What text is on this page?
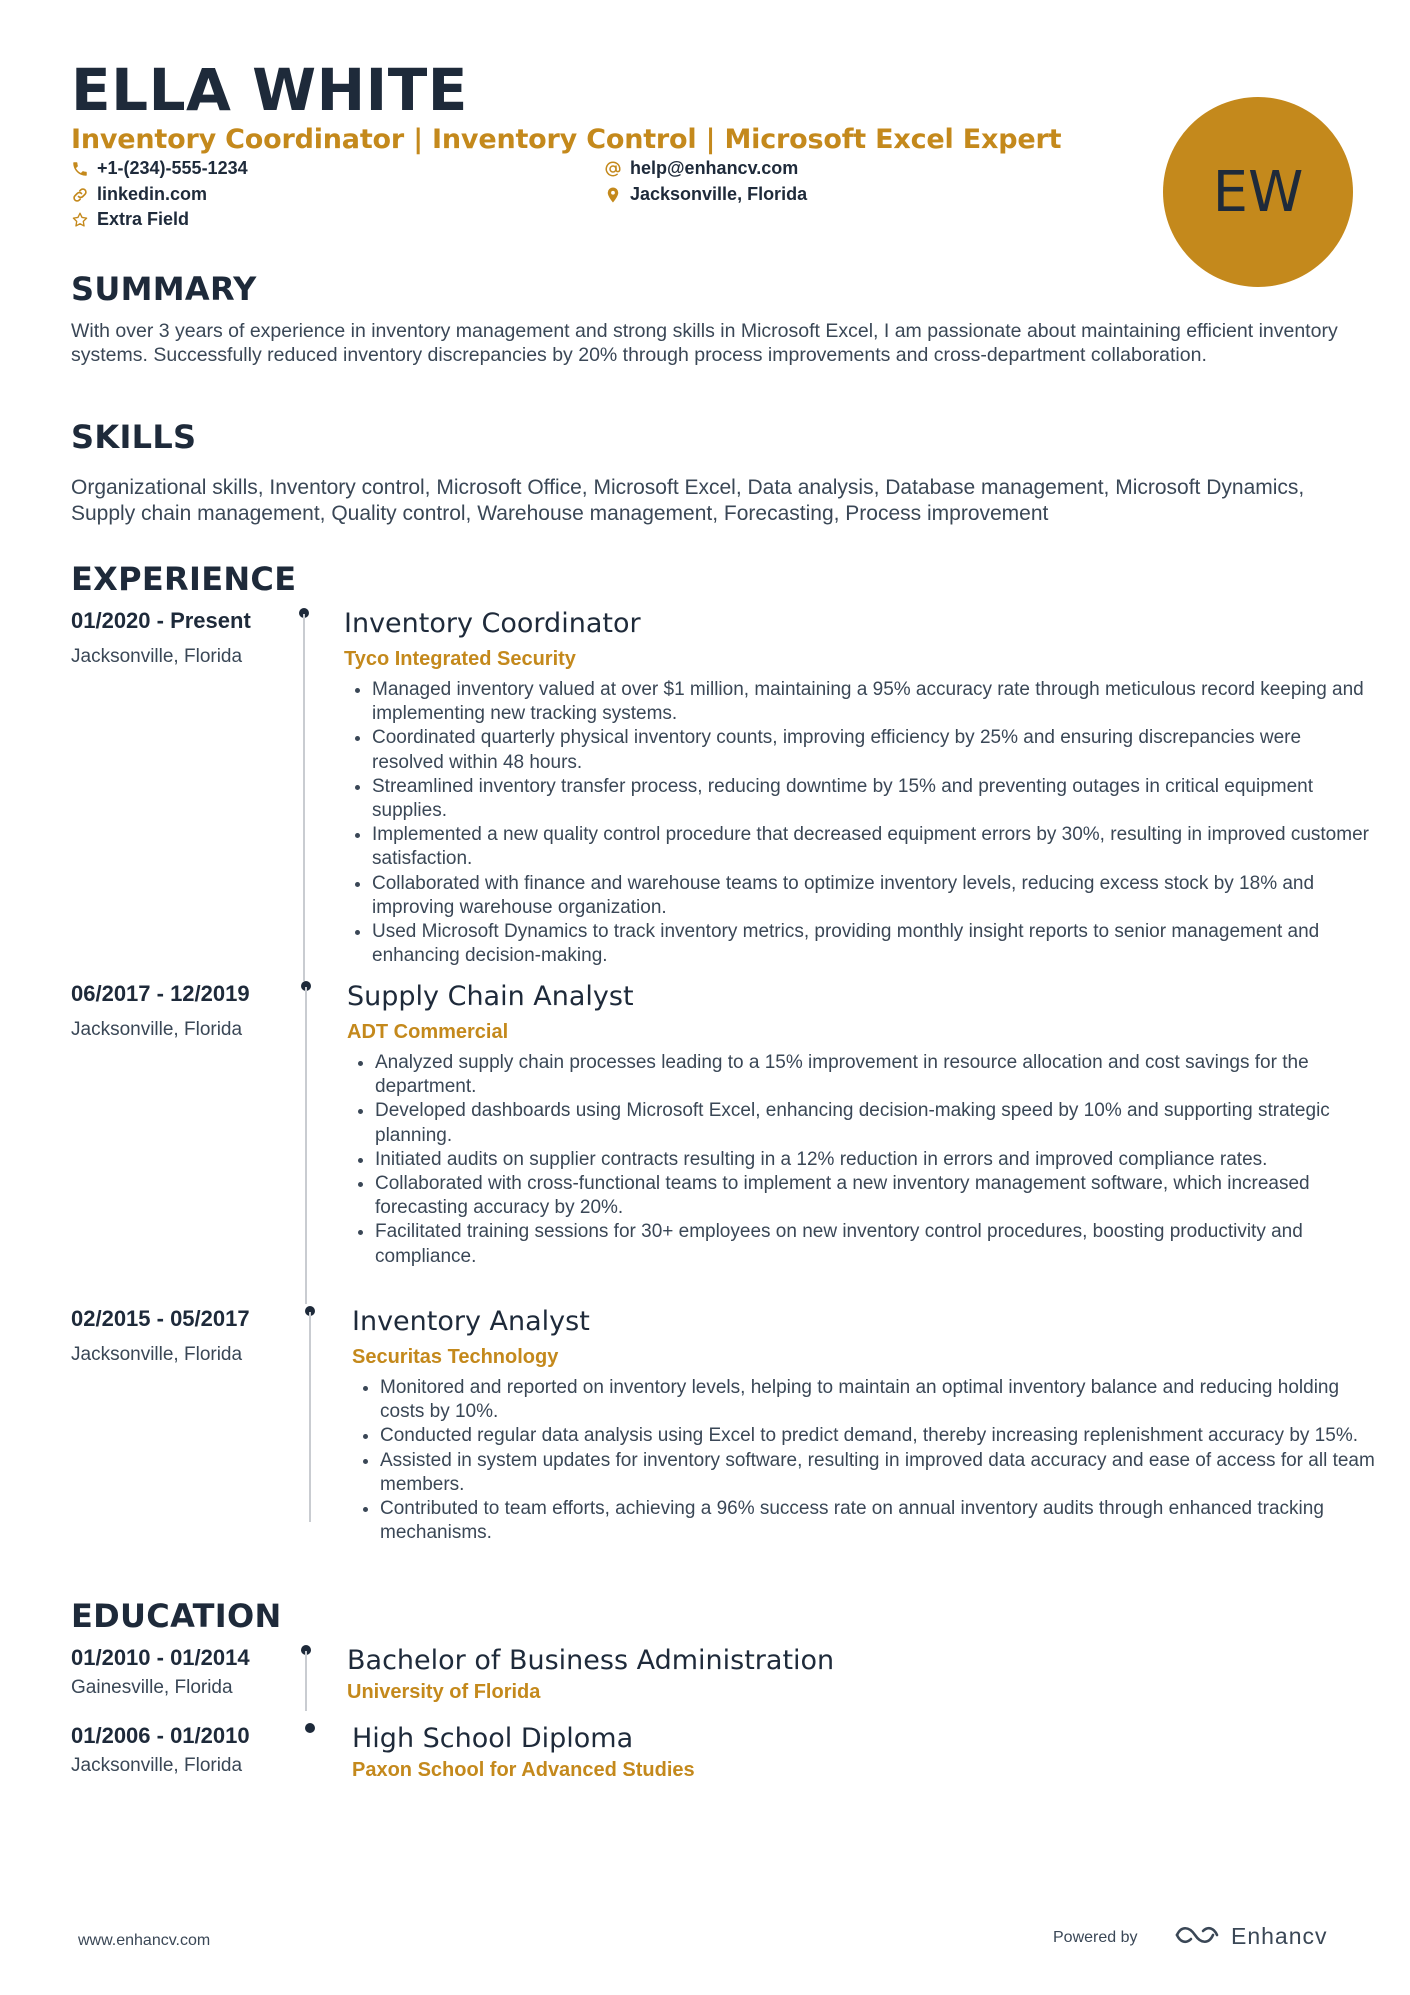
ELLA WHITE
Inventory Coordinator | Inventory Control | Microsoft Excel Expert
+1-(234)-555-1234	help@enhancv.com
linkedin.com	Jacksonville, Florida
Extra Field	EW
SUMMARY

With over 3 years of experience in inventory management and strong skills in Microsoft Excel, I am passionate about maintaining efficient inventory systems. Successfully reduced inventory discrepancies by 20% through process improvements and cross-department collaboration.

SKILLS

Organizational skills, Inventory control, Microsoft Office, Microsoft Excel, Data analysis, Database management, Microsoft Dynamics, Supply chain management, Quality control, Warehouse management, Forecasting, Process improvement

EXPERIENCE
01/2020 - Present
Jacksonville, Florida
Inventory Coordinator
Tyco Integrated Security
• Managed inventory valued at over $1 million, maintaining a 95% accuracy rate through meticulous record keeping and implementing new tracking systems.
• Coordinated quarterly physical inventory counts, improving efficiency by 25% and ensuring discrepancies were resolved within 48 hours.
• Streamlined inventory transfer process, reducing downtime by 15% and preventing outages in critical equipment supplies.
• Implemented a new quality control procedure that decreased equipment errors by 30%, resulting in improved customer satisfaction.
• Collaborated with finance and warehouse teams to optimize inventory levels, reducing excess stock by 18% and improving warehouse organization.
• Used Microsoft Dynamics to track inventory metrics, providing monthly insight reports to senior management and enhancing decision-making.
06/2017 - 12/2019
Jacksonville, Florida
Supply Chain Analyst
ADT Commercial
• Analyzed supply chain processes leading to a 15% improvement in resource allocation and cost savings for the department.
• Developed dashboards using Microsoft Excel, enhancing decision-making speed by 10% and supporting strategic planning.
• Initiated audits on supplier contracts resulting in a 12% reduction in errors and improved compliance rates.
• Collaborated with cross-functional teams to implement a new inventory management software, which increased forecasting accuracy by 20%.
• Facilitated training sessions for 30+ employees on new inventory control procedures, boosting productivity and compliance.
02/2015 - 05/2017
Jacksonville, Florida
Inventory Analyst
Securitas Technology
• Monitored and reported on inventory levels, helping to maintain an optimal inventory balance and reducing holding costs by 10%.
• Conducted regular data analysis using Excel to predict demand, thereby increasing replenishment accuracy by 15%.
• Assisted in system updates for inventory software, resulting in improved data accuracy and ease of access for all team members.
• Contributed to team efforts, achieving a 96% success rate on annual inventory audits through enhanced tracking mechanisms.
EDUCATION
01/2010 - 01/2014
Gainesville, Florida
Bachelor of Business Administration
University of Florida
01/2006 - 01/2010
Jacksonville, Florida
High School Diploma
Paxon School for Advanced Studies
www.enhancv.com	Powered by	Enhancv
